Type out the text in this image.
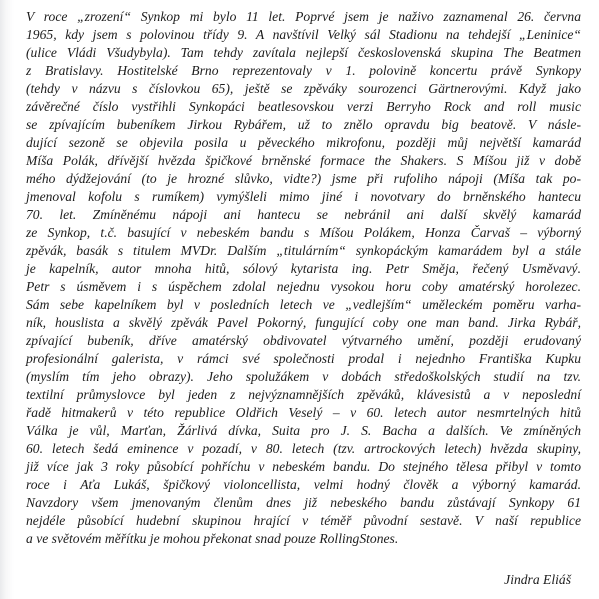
V roce „zrození“ Synkop mi bylo 11 let. Poprvé jsem je naživo zaznamenal 26. června
1965, kdy jsem s polovinou třídy 9. A navštívil Velký sál Stadionu na tehdejší „Leninice“
(ulice Vládi Všudybyla). Tam tehdy zavítala nejlepší československá skupina The Beatmen
z Bratislavy. Hostitelské Brno reprezentovaly v 1. polovině koncertu právě Synkopy
(tehdy v názvu s číslovkou 65), ještě se zpěváky sourozenci Gärtnerovými. Když jako
závěrečné číslo vystřihli Synkopáci beatlesovskou verzi Berryho Rock and roll music
se zpívajícím bubeníkem Jirkou Rybářem, už to znělo opravdu big beatově. V násle-
dující sezoně se objevila posila u pěveckého mikrofonu, později můj největší kamarád
Míša Polák, dřívější hvězda špičkové brněnské formace the Shakers. S Míšou již v době
mého dýdžejování (to je hrozné slůvko, vidte?) jsme při rufoliho nápoji (Míša tak po-
jmenoval kofolu s rumíkem) vymýšleli mimo jiné i novotvary do brněnského hantecu
70. let. Zmíněnému nápoji ani hantecu se nebránil ani další skvělý kamarád
ze Synkop, t.č. basující v nebeském bandu s Míšou Polákem, Honza Čarvaš – výborný
zpěvák, basák s titulem MVDr. Dalším „titulárním“ synkopáckým kamarádem byl a stále
je kapelník, autor mnoha hitů, sólový kytarista ing. Petr Směja, řečený Usměvavý.
Petr s úsměvem i s úspěchem zdolal nejednu vysokou horu coby amatérský horolezec.
Sám sebe kapelníkem byl v posledních letech ve „vedlejším“ uměleckém poměru varha-
ník, houslista a skvělý zpěvák Pavel Pokorný, fungující coby one man band. Jirka Rybář,
zpívající bubeník, dříve amatérský obdivovatel výtvarného umění, později erudovaný
profesionální galerista, v rámci své společnosti prodal i nejednho Františka Kupku
(myslím tím jeho obrazy). Jeho spolužákem v dobách středoškolských studií na tzv.
textilní průmyslovce byl jeden z nejvýznamnějších zpěváků, klávesistů a v neposlední
řadě hitmakerů v této republice Oldřich Veselý – v 60. letech autor nesmrtelných hitů
Válka je vůl, Marťan, Žárlivá dívka, Suita pro J. S. Bacha a dalších. Ve zmíněných
60. letech šedá eminence v pozadí, v 80. letech (tzv. artrockových letech) hvězda skupiny,
již více jak 3 roky působící pohříchu v nebeském bandu. Do stejného tělesa přibyl v tomto
roce i Aťa Lukáš, špičkový violoncellista, velmi hodný člověk a výborný kamarád.
Navzdory všem jmenovaným členům dnes již nebeského bandu zůstávají Synkopy 61
nejdéle působící hudební skupinou hrající v téměř původní sestavě. V naší republice
a ve světovém měřítku je mohou překonat snad pouze RollingStones.
Jindra Eliáš
